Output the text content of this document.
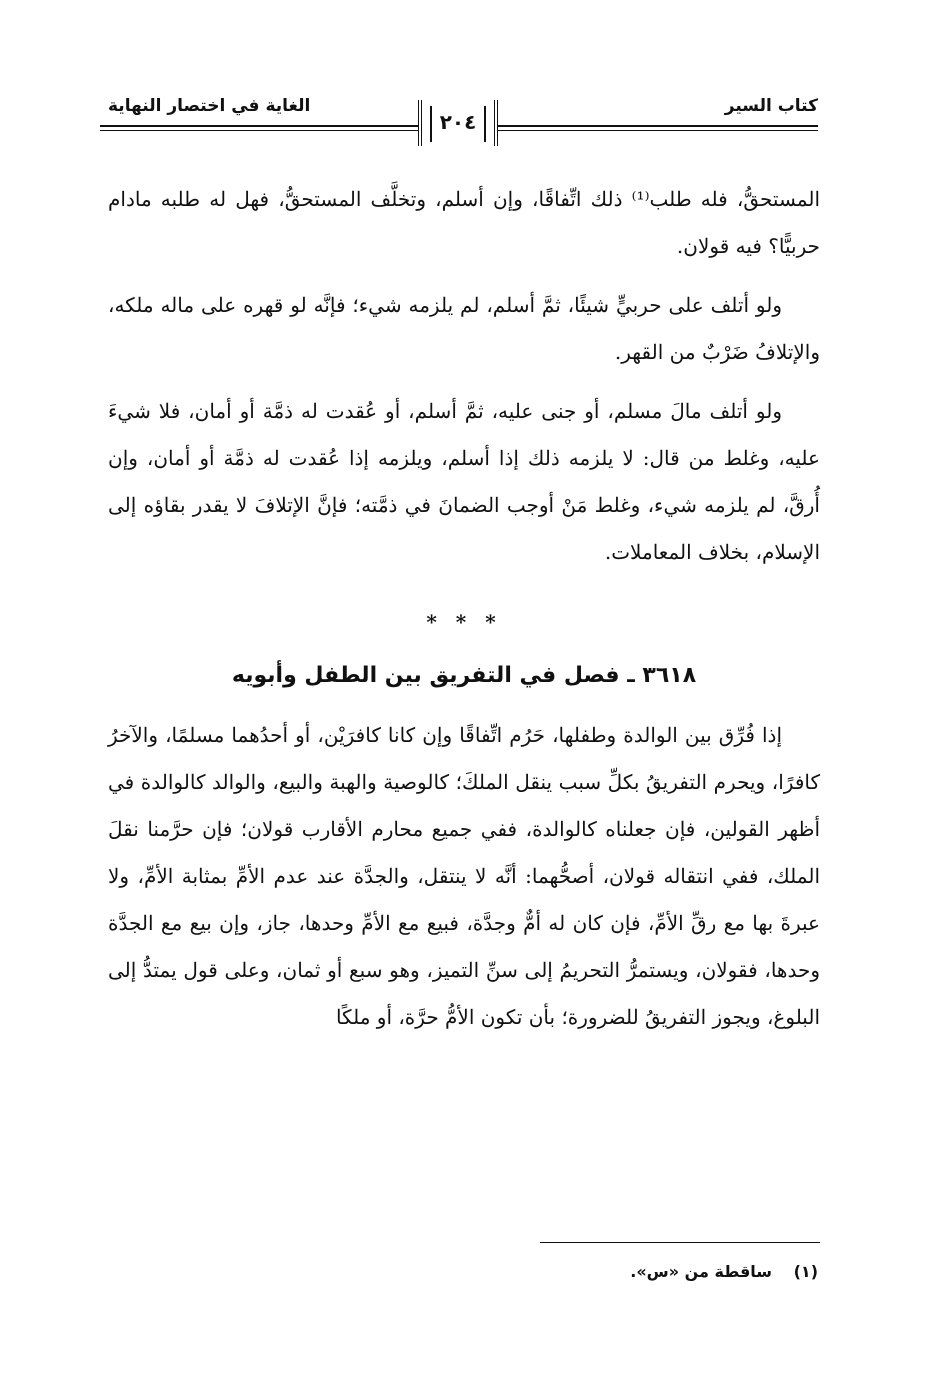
كتاب السير
الغاية في اختصار النهاية
٢٠٤

المستحقُّ، فله طلب⁽¹⁾ ذلك اتِّفاقًا، وإن أسلم، وتخلَّف المستحقُّ، فهل له طلبه مادام حربيًّا؟ فيه قولان.

ولو أتلف على حربيٍّ شيئًا، ثمَّ أسلم، لم يلزمه شيء؛ فإنَّه لو قهره على ماله ملكه، والإتلافُ ضَرْبٌ من القهر.

ولو أتلف مالَ مسلم، أو جنى عليه، ثمَّ أسلم، أو عُقدت له ذمَّة أو أمان، فلا شيءَ عليه، وغلط من قال: لا يلزمه ذلك إذا أسلم، ويلزمه إذا عُقدت له ذمَّة أو أمان، وإن أُرقَّ، لم يلزمه شيء، وغلط مَنْ أوجب الضمانَ في ذمَّته؛ فإنَّ الإتلافَ لا يقدر بقاؤه إلى الإسلام، بخلاف المعاملات.

* * *
٣٦١٨ ـ فصل في التفريق بين الطفل وأبويه

إذا فُرِّق بين الوالدة وطفلها، حَرُم اتِّفاقًا وإن كانا كافرَيْن، أو أحدُهما مسلمًا، والآخرُ كافرًا، ويحرم التفريقُ بكلِّ سبب ينقل الملكَ؛ كالوصية والهبة والبيع، والوالد كالوالدة في أظهر القولين، فإن جعلناه كالوالدة، ففي جميع محارم الأقارب قولان؛ فإن حرَّمنا نقلَ الملك، ففي انتقاله قولان، أصحُّهما: أنَّه لا ينتقل، والجدَّة عند عدم الأمِّ بمثابة الأمِّ، ولا عبرةَ بها مع رقِّ الأمِّ، فإن كان له أمٌّ وجدَّة، فبيع مع الأمِّ وحدها، جاز، وإن بيع مع الجدَّة وحدها، فقولان، ويستمرُّ التحريمُ إلى سنِّ التميز، وهو سبع أو ثمان، وعلى قول يمتدُّ إلى البلوغ، ويجوز التفريقُ للضرورة؛ بأن تكون الأمُّ حرَّة، أو ملكًا

(١) ساقطة من «س».
